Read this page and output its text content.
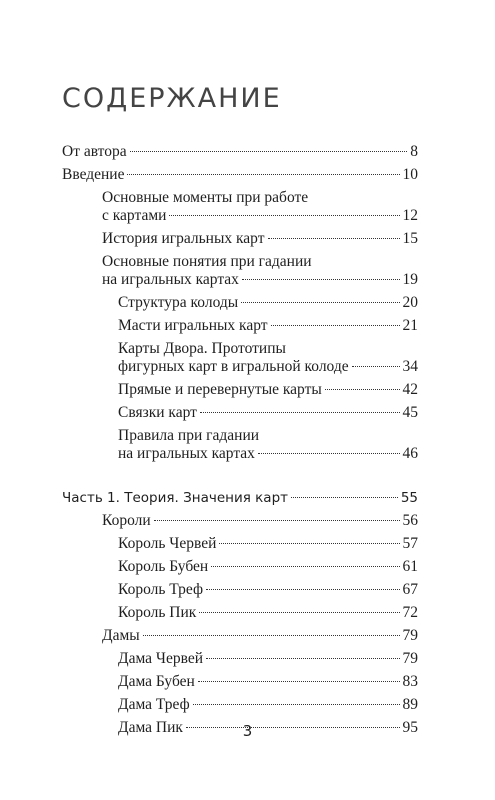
СОДЕРЖАНИЕ
От автора	8
Введение	10
Основные моменты при работе
с картами	12
История игральных карт	15
Основные понятия при гадании
на игральных картах	19
Структура колоды	20
Масти игральных карт	21
Карты Двора. Прототипы
фигурных карт в игральной колоде	34
Прямые и перевернутые карты	42
Связки карт	45
Правила при гадании
на игральных картах	46
Часть 1. Теория. Значения карт	55
Короли	56
Король Червей	57
Король Бубен	61
Король Треф	67
Король Пик	72
Дамы	79
Дама Червей	79
Дама Бубен	83
Дама Треф	89
Дама Пик	95
3
